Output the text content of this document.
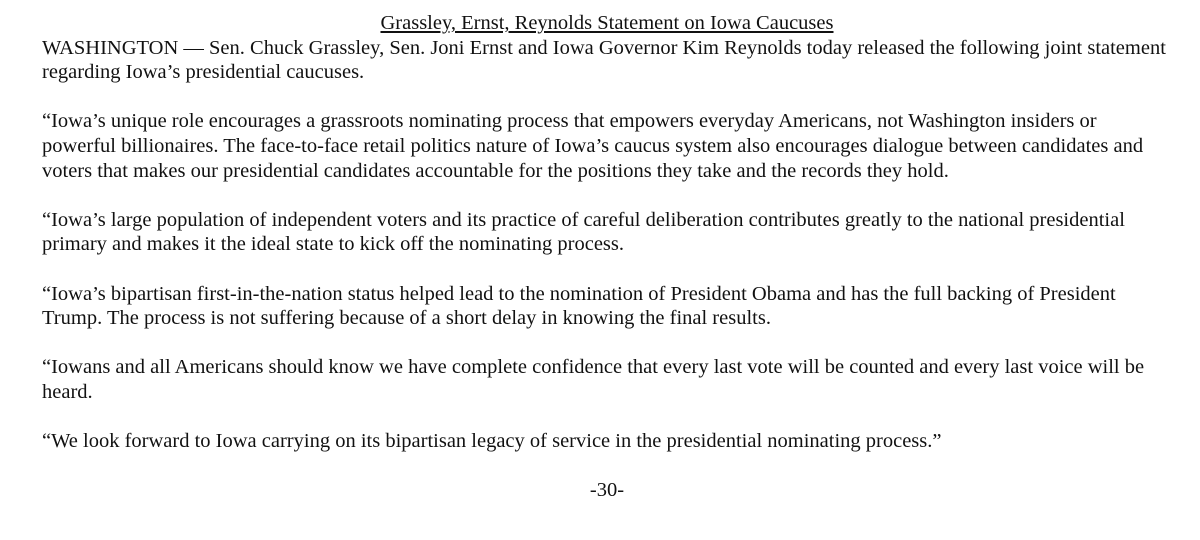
Grassley, Ernst, Reynolds Statement on Iowa Caucuses

WASHINGTON — Sen. Chuck Grassley, Sen. Joni Ernst and Iowa Governor Kim Reynolds today released the following joint statement regarding Iowa’s presidential caucuses.

“Iowa’s unique role encourages a grassroots nominating process that empowers everyday Americans, not Washington insiders or powerful billionaires. The face-to-face retail politics nature of Iowa’s caucus system also encourages dialogue between candidates and voters that makes our presidential candidates accountable for the positions they take and the records they hold.

“Iowa’s large population of independent voters and its practice of careful deliberation contributes greatly to the national presidential primary and makes it the ideal state to kick off the nominating process.

“Iowa’s bipartisan first-in-the-nation status helped lead to the nomination of President Obama and has the full backing of President Trump. The process is not suffering because of a short delay in knowing the final results.

“Iowans and all Americans should know we have complete confidence that every last vote will be counted and every last voice will be heard.

“We look forward to Iowa carrying on its bipartisan legacy of service in the presidential nominating process.”

-30-
